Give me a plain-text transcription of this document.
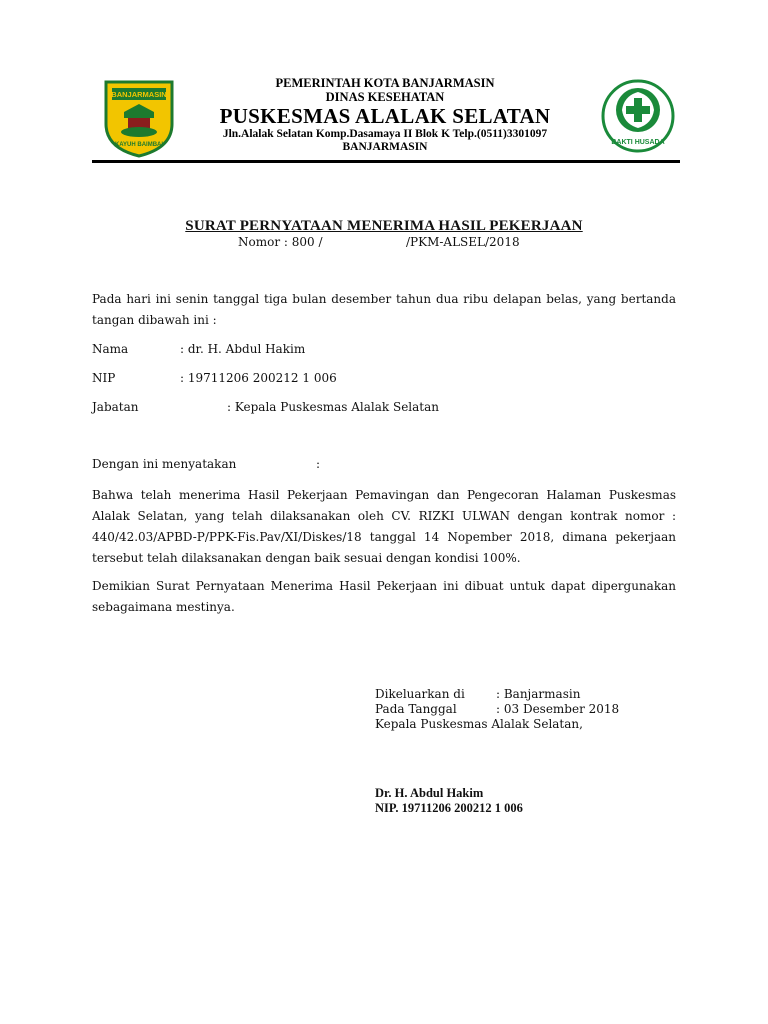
BANJARMASIN
KAYUH BAIMBAI
PEMERINTAH KOTA BANJARMASIN
DINAS KESEHATAN
PUSKESMAS ALALAK SELATAN
Jln.Alalak Selatan Komp.Dasamaya II Blok K Telp.(0511)3301097
BANJARMASIN	BAKTI HUSADA
SURAT PERNYATAAN MENERIMA HASIL PEKERJAAN
Nomor : 800 /	/PKM-ALSEL/2018
Pada hari ini senin tanggal tiga bulan desember tahun dua ribu delapan belas, yang bertanda tangan dibawah ini :
Nama	: dr. H. Abdul Hakim
NIP	: 19711206 200212 1 006
Jabatan	: Kepala Puskesmas Alalak Selatan
Dengan ini menyatakan	:
Bahwa telah menerima Hasil Pekerjaan Pemavingan dan Pengecoran Halaman Puskesmas Alalak Selatan, yang telah dilaksanakan oleh CV. RIZKI ULWAN dengan kontrak nomor : 440/42.03/APBD-P/PPK-Fis.Pav/XI/Diskes/18 tanggal 14 Nopember 2018, dimana pekerjaan tersebut telah dilaksanakan dengan baik sesuai dengan kondisi 100%.
Demikian Surat Pernyataan Menerima Hasil Pekerjaan ini dibuat untuk dapat dipergunakan sebagaimana mestinya.
Dikeluarkan di	: Banjarmasin
Pada Tanggal	: 03 Desember 2018
Kepala Puskesmas Alalak Selatan,
Dr. H. Abdul Hakim
NIP. 19711206 200212 1 006
